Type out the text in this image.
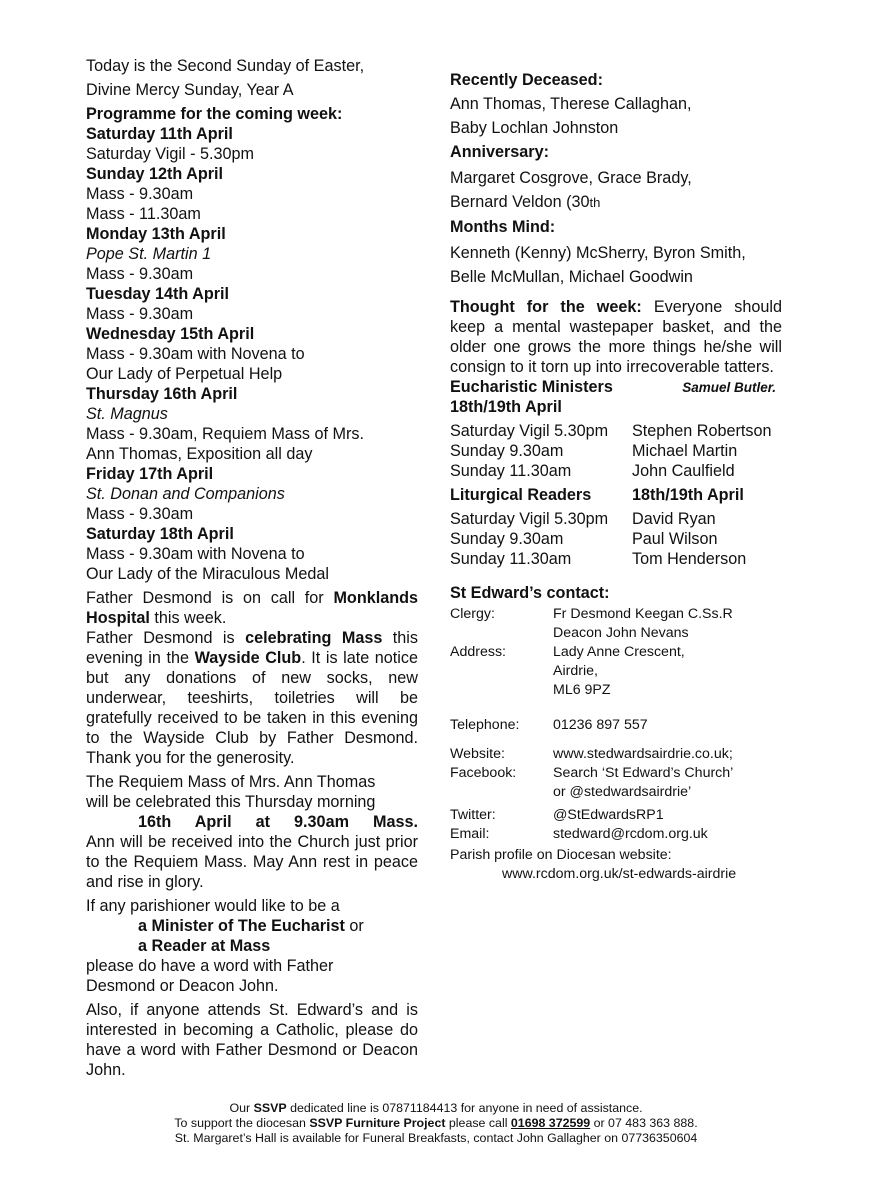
Today is the Second Sunday of Easter,

Divine Mercy Sunday, Year A

Programme for the coming week:

Saturday 11th April

Saturday Vigil - 5.30pm

Sunday 12th April

Mass - 9.30am

Mass - 11.30am

Monday 13th April

Pope St. Martin 1

Mass - 9.30am

Tuesday 14th April

Mass - 9.30am

Wednesday 15th April

Mass - 9.30am with Novena to

Our Lady of Perpetual Help

Thursday 16th April

St. Magnus

Mass - 9.30am, Requiem Mass of Mrs.

Ann Thomas, Exposition all day

Friday 17th April

St. Donan and Companions

Mass - 9.30am

Saturday 18th April

Mass - 9.30am with Novena to

Our Lady of the Miraculous Medal

Father Desmond is on call for Monklands Hospital this week.

Father Desmond is celebrating Mass this evening in the Wayside Club. It is late notice but any donations of new socks, new underwear, teeshirts, toiletries will be gratefully received to be taken in this evening to the Wayside Club by Father Desmond. Thank you for the generosity.

The Requiem Mass of Mrs. Ann Thomas

will be celebrated this Thursday morning

16th April at 9.30am Mass.

Ann will be received into the Church just prior to the Requiem Mass. May Ann rest in peace and rise in glory.

If any parishioner would like to be a

a Minister of The Eucharist or

a Reader at Mass

please do have a word with Father

Desmond or Deacon John.

Also, if anyone attends St. Edward’s and is interested in becoming a Catholic, please do have a word with Father Desmond or Deacon John.

Recently Deceased:

Ann Thomas, Therese Callaghan,

Baby Lochlan Johnston

Anniversary:

Margaret Cosgrove, Grace Brady,

Bernard Veldon (30th

Months Mind:

Kenneth (Kenny) McSherry, Byron Smith,

Belle McMullan, Michael Goodwin

Thought for the week: Everyone should keep a mental wastepaper basket, and the older one grows the more things he/she will consign to it torn up into irrecoverable tatters.
Samuel Butler.

Eucharistic Ministers 18th/19th April

Saturday Vigil 5.30pm	Stephen Robertson
Sunday 9.30am	Michael Martin
Sunday 11.30am	John Caulfield
Liturgical Readers	18th/19th April
Saturday Vigil 5.30pm	David Ryan
Sunday 9.30am	Paul Wilson
Sunday 11.30am	Tom Henderson

St Edward’s contact:

Clergy:	Fr Desmond Keegan C.Ss.R
	Deacon John Nevans
Address:	Lady Anne Crescent,
	Airdrie,
	ML6 9PZ
Telephone:	01236 897 557
Website:	www.stedwardsairdrie.co.uk;
Facebook:	Search ‘St Edward’s Church’
	or @stedwardsairdrie’
Twitter:	@StEdwardsRP1
Email:	stedward@rcdom.org.uk

Parish profile on Diocesan website:

www.rcdom.org.uk/st-edwards-airdrie

Our SSVP dedicated line is 07871184413 for anyone in need of assistance.

To support the diocesan SSVP Furniture Project please call 01698 372599 or 07 483 363 888.

St. Margaret’s Hall is available for Funeral Breakfasts, contact John Gallagher on 07736350604
